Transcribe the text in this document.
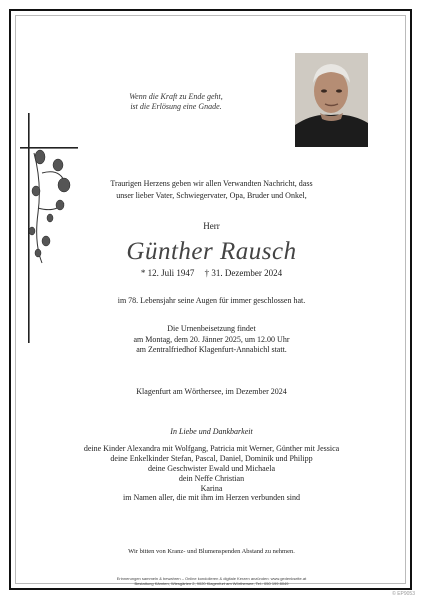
Wenn die Kraft zu Ende geht,
ist die Erlösung eine Gnade.
Traurigen Herzens geben wir allen Verwandten Nachricht, dass
unser lieber Vater, Schwiegervater, Opa, Bruder und Onkel,
Herr
Günther Rausch
* 12. Juli 1947 † 31. Dezember 2024
im 78. Lebensjahr seine Augen für immer geschlossen hat.
Die Urnenbeisetzung findet
am Montag, dem 20. Jänner 2025, um 12.00 Uhr
am Zentralfriedhof Klagenfurt-Annabichl statt.
Klagenfurt am Wörthersee, im Dezember 2024
In Liebe und Dankbarkeit
deine Kinder Alexandra mit Wolfgang, Patricia mit Werner, Günther mit Jessica
deine Enkelkinder Stefan, Pascal, Daniel, Dominik und Philipp
deine Geschwister Ewald und Michaela
dein Neffe Christian
Karina
im Namen aller, die mit ihm im Herzen verbunden sind
Wir bitten von Kranz- und Blumenspenden Abstand zu nehmen.
Erinnerungen sammeln & bewahren – Online kondolieren & digitale Kerzen anzünden: www.gedenkseite.at
Bestattung Kärnten, Wiesgärten 2, 9020 Klagenfurt am Wörthersee, Tel.: 050 199 8049
© EP9053
